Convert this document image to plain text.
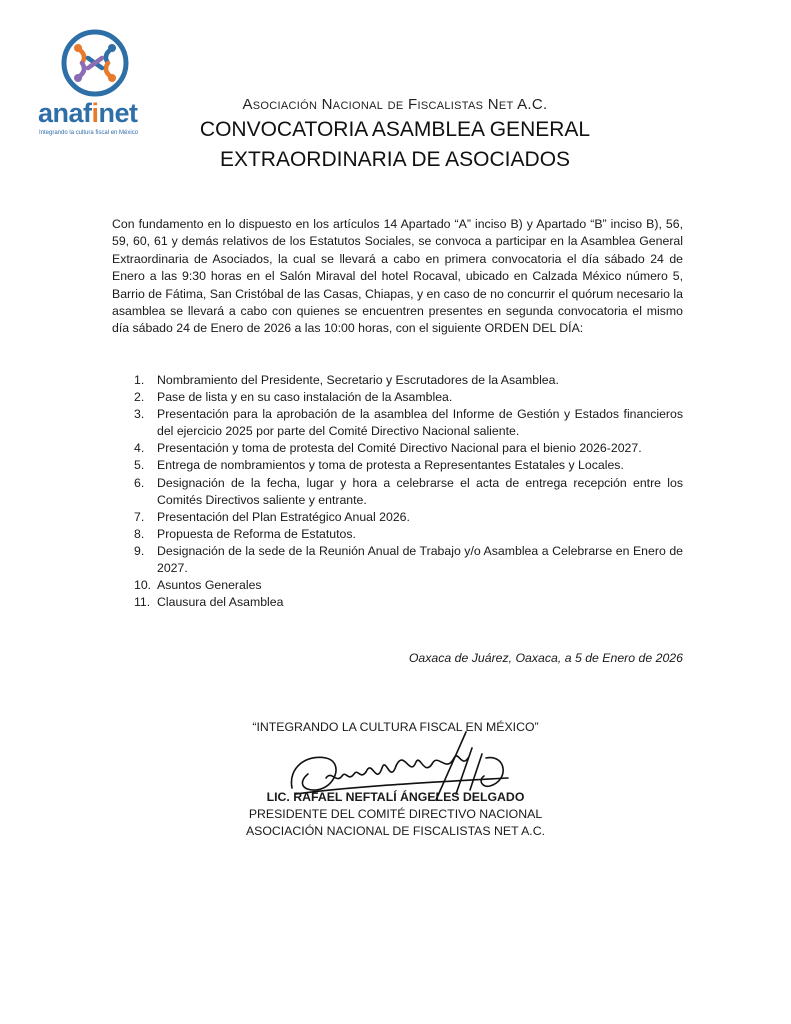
anafinet
Integrando la cultura fiscal en México
Asociación Nacional de Fiscalistas Net A.C.
CONVOCATORIA ASAMBLEA GENERAL
EXTRAORDINARIA DE ASOCIADOS
Con fundamento en lo dispuesto en los artículos 14 Apartado “A” inciso B) y Apartado “B” inciso B), 56, 59, 60, 61 y demás relativos de los Estatutos Sociales, se convoca a participar en la Asamblea General Extraordinaria de Asociados, la cual se llevará a cabo en primera convocatoria el día sábado 24 de Enero a las 9:30 horas en el Salón Miraval del hotel Rocaval, ubicado en Calzada México número 5, Barrio de Fátima, San Cristóbal de las Casas, Chiapas, y en caso de no concurrir el quórum necesario la asamblea se llevará a cabo con quienes se encuentren presentes en segunda convocatoria el mismo día sábado 24 de Enero de 2026 a las 10:00 horas, con el siguiente ORDEN DEL DÍA:
1.	Nombramiento del Presidente, Secretario y Escrutadores de la Asamblea.
2.	Pase de lista y en su caso instalación de la Asamblea.
3.	Presentación para la aprobación de la asamblea del Informe de Gestión y Estados financieros del ejercicio 2025 por parte del Comité Directivo Nacional saliente.
4.	Presentación y toma de protesta del Comité Directivo Nacional para el bienio 2026-2027.
5.	Entrega de nombramientos y toma de protesta a Representantes Estatales y Locales.
6.	Designación de la fecha, lugar y hora a celebrarse el acta de entrega recepción entre los Comités Directivos saliente y entrante.
7.	Presentación del Plan Estratégico Anual 2026.
8.	Propuesta de Reforma de Estatutos.
9.	Designación de la sede de la Reunión Anual de Trabajo y/o Asamblea a Celebrarse en Enero de 2027.
10. Asuntos Generales
11. Clausura del Asamblea
Oaxaca de Juárez, Oaxaca, a 5 de Enero de 2026
“INTEGRANDO LA CULTURA FISCAL EN MÉXICO”
LIC. RAFAEL NEFTALÍ ÁNGELES DELGADO
PRESIDENTE DEL COMITÉ DIRECTIVO NACIONAL
ASOCIACIÓN NACIONAL DE FISCALISTAS NET A.C.
